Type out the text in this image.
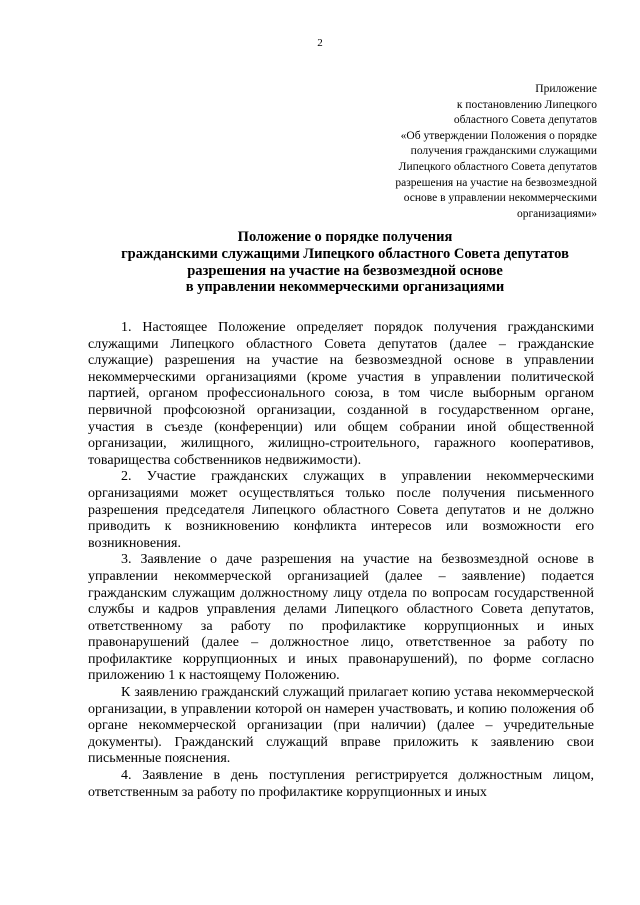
2
Приложение
к постановлению Липецкого
областного Совета депутатов
«Об утверждении Положения о порядке
получения гражданскими служащими
Липецкого областного Совета депутатов
разрешения на участие на безвозмездной
основе в управлении некоммерческими
организациями»
Положение о порядке получения
гражданскими служащими Липецкого областного Совета депутатов
разрешения на участие на безвозмездной основе
в управлении некоммерческими организациями
1. Настоящее Положение определяет порядок получения гражданскими служащими Липецкого областного Совета депутатов (далее – гражданские служащие) разрешения на участие на безвозмездной основе в управлении некоммерческими организациями (кроме участия в управлении политической партией, органом профессионального союза, в том числе выборным органом первичной профсоюзной организации, созданной в государственном органе, участия в съезде (конференции) или общем собрании иной общественной организации, жилищного, жилищно-строительного, гаражного кооперативов, товарищества собственников недвижимости).
2. Участие гражданских служащих в управлении некоммерческими организациями может осуществляться только после получения письменного разрешения председателя Липецкого областного Совета депутатов и не должно приводить к возникновению конфликта интересов или возможности его возникновения.
3. Заявление о даче разрешения на участие на безвозмездной основе в управлении некоммерческой организацией (далее – заявление) подается гражданским служащим должностному лицу отдела по вопросам государственной службы и кадров управления делами Липецкого областного Совета депутатов, ответственному за работу по профилактике коррупционных и иных правонарушений (далее – должностное лицо, ответственное за работу по профилактике коррупционных и иных правонарушений), по форме согласно приложению 1 к настоящему Положению.
К заявлению гражданский служащий прилагает копию устава некоммерческой организации, в управлении которой он намерен участвовать, и копию положения об органе некоммерческой организации (при наличии) (далее – учредительные документы). Гражданский служащий вправе приложить к заявлению свои письменные пояснения.
4. Заявление в день поступления регистрируется должностным лицом, ответственным за работу по профилактике коррупционных и иных
